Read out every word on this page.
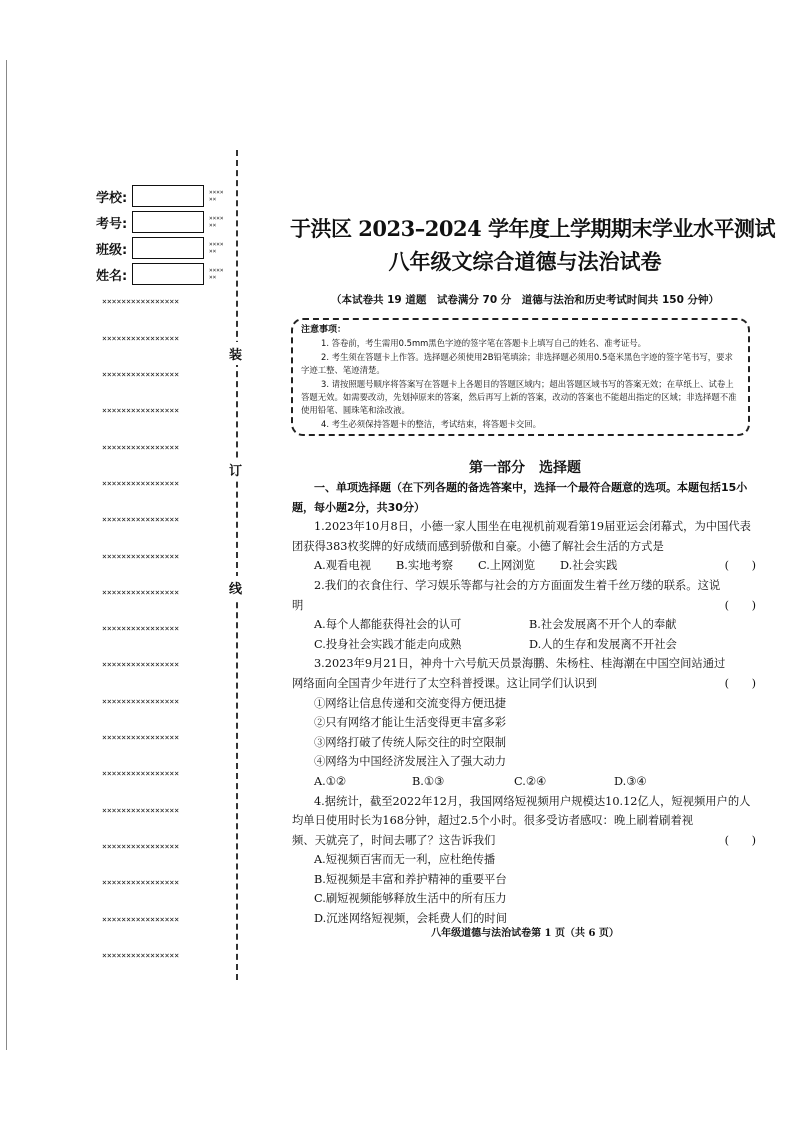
学校:	××××××
考号:	××××××
班级:	××××××
姓名:	××××××
××××××××××××××××
××××××××××××××××
××××××××××××××××
××××××××××××××××
××××××××××××××××
××××××××××××××××
××××××××××××××××
××××××××××××××××
××××××××××××××××
××××××××××××××××
××××××××××××××××
××××××××××××××××
××××××××××××××××
××××××××××××××××
××××××××××××××××
××××××××××××××××
××××××××××××××××
××××××××××××××××
××××××××××××××××
装
订
线
于洪区 2023–2024 学年度上学期期末学业水平测试
八年级文综合道德与法治试卷
（本试卷共 19 道题　试卷满分 70 分　道德与法治和历史考试时间共 150 分钟）
注意事项：

1. 答卷前，考生需用0.5mm黑色字迹的签字笔在答题卡上填写自己的姓名、准考证号。

2. 考生须在答题卡上作答。选择题必须使用2B铅笔填涂；非选择题必须用0.5毫米黑色字迹的签字笔书写，要求字迹工整、笔迹清楚。

3. 请按照题号顺序将答案写在答题卡上各题目的答题区域内；超出答题区域书写的答案无效；在草纸上、试卷上答题无效。如需要改动，先划掉原来的答案，然后再写上新的答案，改动的答案也不能超出指定的区域；非选择题不准使用铅笔、圆珠笔和涂改液。

4. 考生必须保持答题卡的整洁，考试结束，将答题卡交回。

第一部分　选择题

一、单项选择题（在下列各题的备选答案中，选择一个最符合题意的选项。本题包括15小题，每小题2分，共30分）

1.2023年10月8日，小德一家人围坐在电视机前观看第19届亚运会闭幕式，为中国代表团获得383枚奖牌的好成绩而感到骄傲和自豪。小德了解社会生活的方式是

A.观看电视	B.实地考察	C.上网浏览	D.社会实践	(　　)

2.我们的衣食住行、学习娱乐等都与社会的方方面面发生着千丝万缕的联系。这说

明	(　　)
A.每个人都能获得社会的认可	B.社会发展离不开个人的奉献
C.投身社会实践才能走向成熟	D.人的生存和发展离不开社会

3.2023年9月21日，神舟十六号航天员景海鹏、朱杨柱、桂海潮在中国空间站通过

网络面向全国青少年进行了太空科普授课。这让同学们认识到	(　　)

①网络让信息传递和交流变得方便迅捷

②只有网络才能让生活变得更丰富多彩

③网络打破了传统人际交往的时空限制

④网络为中国经济发展注入了强大动力

A.①②	B.①③	C.②④	D.③④

4.据统计，截至2022年12月，我国网络短视频用户规模达10.12亿人，短视频用户的人均单日使用时长为168分钟，超过2.5个小时。很多受访者感叹：晚上刷着刷着视

频、天就亮了，时间去哪了？这告诉我们	(　　)

A.短视频百害而无一利，应杜绝传播

B.短视频是丰富和养护精神的重要平台

C.刷短视频能够释放生活中的所有压力

D.沉迷网络短视频，会耗费人们的时间

八年级道德与法治试卷第 1 页（共 6 页）
